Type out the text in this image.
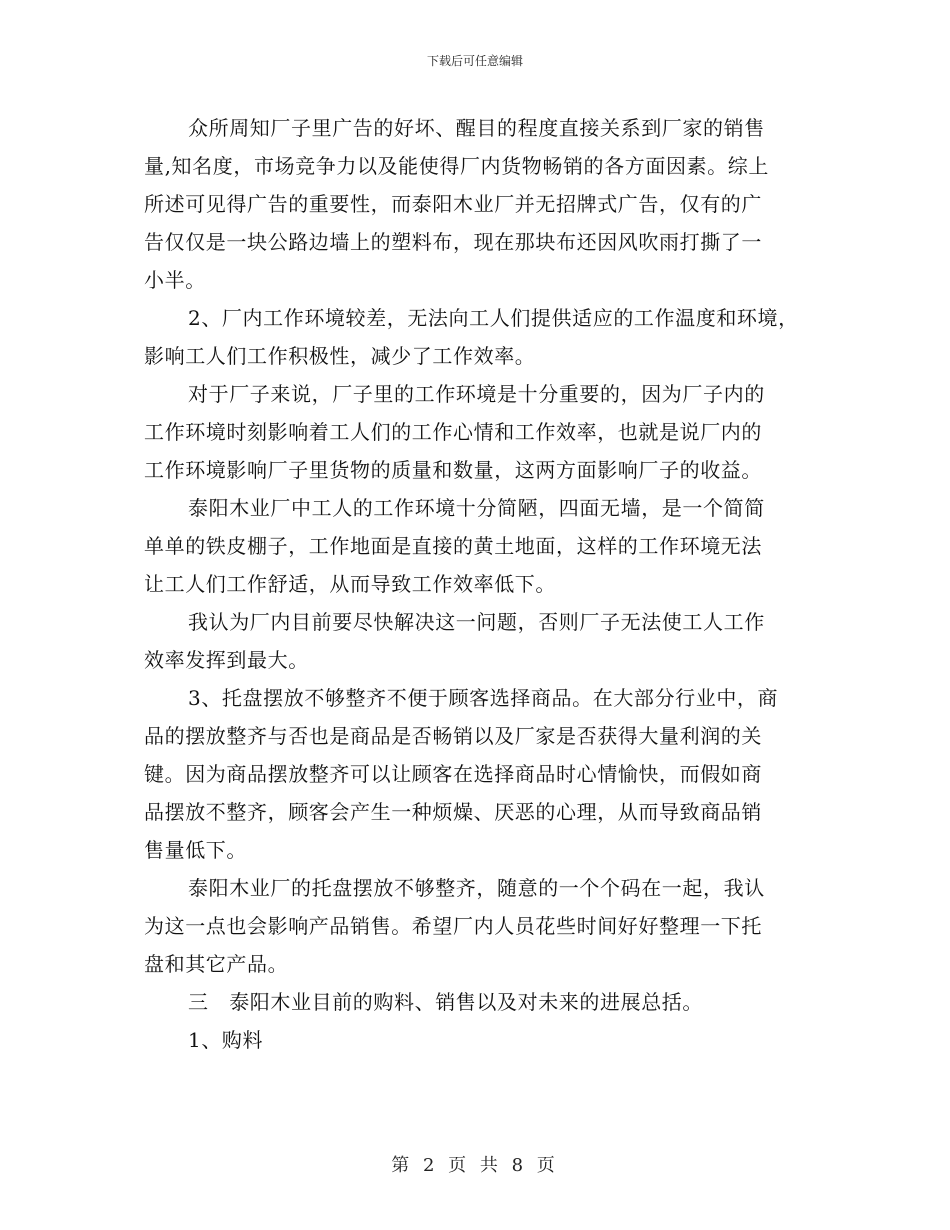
下载后可任意编辑
众所周知厂子里广告的好坏、醒目的程度直接关系到厂家的销售
量,知名度，市场竞争力以及能使得厂内货物畅销的各方面因素。综上
所述可见得广告的重要性，而泰阳木业厂并无招牌式广告，仅有的广
告仅仅是一块公路边墙上的塑料布，现在那块布还因风吹雨打撕了一
小半。
2、厂内工作环境较差，无法向工人们提供适应的工作温度和环境，
影响工人们工作积极性，减少了工作效率。
对于厂子来说，厂子里的工作环境是十分重要的，因为厂子内的
工作环境时刻影响着工人们的工作心情和工作效率，也就是说厂内的
工作环境影响厂子里货物的质量和数量，这两方面影响厂子的收益。
泰阳木业厂中工人的工作环境十分简陋，四面无墙，是一个简简
单单的铁皮棚子，工作地面是直接的黄土地面，这样的工作环境无法
让工人们工作舒适，从而导致工作效率低下。
我认为厂内目前要尽快解决这一问题，否则厂子无法使工人工作
效率发挥到最大。
3、托盘摆放不够整齐不便于顾客选择商品。在大部分行业中，商
品的摆放整齐与否也是商品是否畅销以及厂家是否获得大量利润的关
键。因为商品摆放整齐可以让顾客在选择商品时心情愉快，而假如商
品摆放不整齐，顾客会产生一种烦燥、厌恶的心理，从而导致商品销
售量低下。
泰阳木业厂的托盘摆放不够整齐，随意的一个个码在一起，我认
为这一点也会影响产品销售。希望厂内人员花些时间好好整理一下托
盘和其它产品。
三　泰阳木业目前的购料、销售以及对未来的进展总括。
1、购料
第 2 页 共 8 页
